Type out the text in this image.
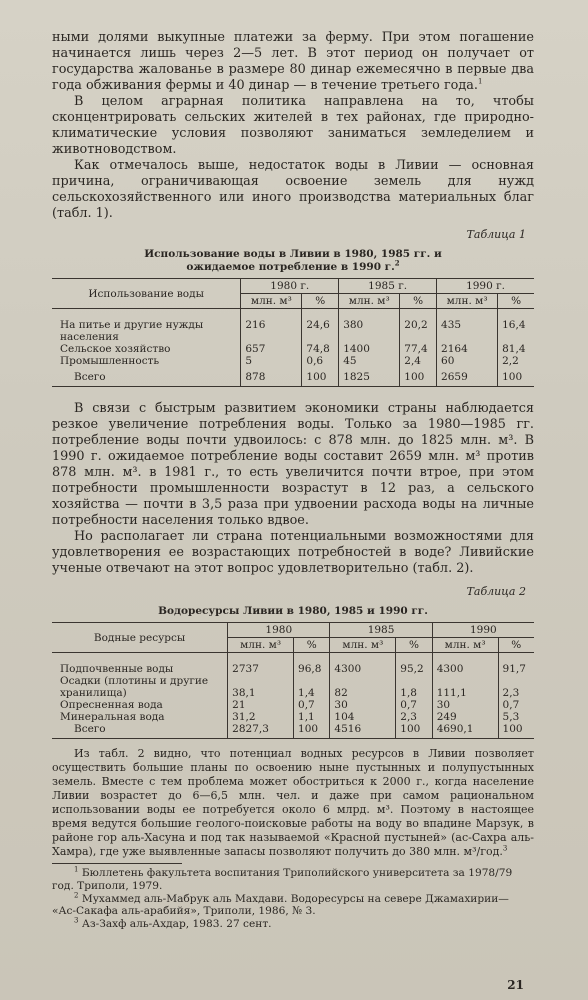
ными долями выкупные платежи за ферму. При этом погашение начинается лишь через 2—5 лет. В этот период он получает от государства жалованье в размере 80 динар ежемесячно в первые два года обживания фермы и 40 динар — в течение третьего года.$^1$

В целом аграрная политика направлена на то, чтобы сконцентрировать сельских жителей в тех районах, где природно-климатические условия позволяют заниматься земледелием и животноводством.

Как отмечалось выше, недостаток воды в Ливии — основная причина, ограничивающая освоение земель для нужд сельскохозяйственного или иного производства материальных благ (табл. 1).

Таблица 1
Использование воды в Ливии в 1980, 1985 гг. и
ожидаемое потребление в 1990 г.$^2$
Использование воды	1980 г.		1985 г.		1990 г.	
	млн. м³	%	млн. м³	%	млн. м³	%

На питье и другие нужды населения	216	24,6	380	20,2	435	16,4
Сельское хозяйство	657	74,8	1400	77,4	2164	81,4
Промышленность	5	0,6	45	2,4	60	2,2
Всего	878	100	1825	100	2659	100

В связи с быстрым развитием экономики страны наблюдается резкое увеличение потребления воды. Только за 1980—1985 гг. потребление воды почти удвоилось: с 878 млн. до 1825 млн. м³. В 1990 г. ожидаемое потребление воды составит 2659 млн. м³ против 878 млн. м³. в 1981 г., то есть увеличится почти втрое, при этом потребности промышленности возрастут в 12 раз, а сельского хозяйства — почти в 3,5 раза при удвоении расхода воды на личные потребности населения только вдвое.

Но располагает ли страна потенциальными возможностями для удовлетворения ее возрастающих потребностей в воде? Ливийские ученые отвечают на этот вопрос удовлетворительно (табл. 2).

Таблица 2
Водоресурсы Ливии в 1980, 1985 и 1990 гг.
Водные ресурсы	1980		1985		1990	
	млн. м³	%	млн. м³	%	млн. м³	%

Подпочвенные воды	2737	96,8	4300	95,2	4300	91,7
Осадки (плотины и другие хранилища)	38,1	1,4	82	1,8	111,1	2,3
Опресненная вода	21	0,7	30	0,7	30	0,7
Минеральная вода	31,2	1,1	104	2,3	249	5,3
Всего	2827,3	100	4516	100	4690,1	100

Из табл. 2 видно, что потенциал водных ресурсов в Ливии позволяет осуществить большие планы по освоению ныне пустынных и полупустынных земель. Вместе с тем проблема может обостриться к 2000 г., когда население Ливии возрастет до 6—6,5 млн. чел. и даже при самом рациональном использовании воды ее потребуется около 6 млрд. м³. Поэтому в настоящее время ведутся большие геолого-поисковые работы на воду во впадине Марзук, в районе гор аль-Хасуна и под так называемой «Красной пустыней» (ас-Сахра аль-Хамра), где уже выявленные запасы позволяют получить до 380 млн. м³/год.$^3$

$^1$ Бюллетень факультета воспитания Триполийского университета за 1978/79 год. Триполи, 1979.
$^2$ Мухаммед аль-Мабрук аль Махдави. Водоресурсы на севере Джамахирии— «Ас-Сакафа аль-арабийя», Триполи, 1986, № 3.
$^3$ Аз-Захф аль-Ахдар, 1983. 27 сент.
21
